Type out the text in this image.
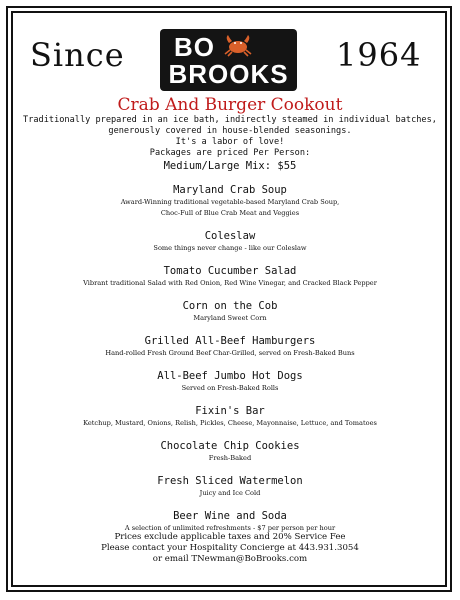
Since BO
BROOKS 1964
Crab And Burger Cookout
Traditionally prepared in an ice bath, indirectly steamed in individual batches,
generously covered in house-blended seasonings.
It's a labor of love!
Packages are priced Per Person:
Medium/Large Mix: $55
Maryland Crab Soup
Award-Winning traditional vegetable-based Maryland Crab Soup,
Choc-Full of Blue Crab Meat and Veggies
Coleslaw
Some things never change - like our Coleslaw
Tomato Cucumber Salad
Vibrant traditional Salad with Red Onion, Red Wine Vinegar, and Cracked Black Pepper
Corn on the Cob
Maryland Sweet Corn
Grilled All-Beef Hamburgers
Hand-rolled Fresh Ground Beef Char-Grilled, served on Fresh-Baked Buns
All-Beef Jumbo Hot Dogs
Served on Fresh-Baked Rolls
Fixin's Bar
Ketchup, Mustard, Onions, Relish, Pickles, Cheese, Mayonnaise, Lettuce, and Tomatoes
Chocolate Chip Cookies
Fresh-Baked
Fresh Sliced Watermelon
Juicy and Ice Cold
Beer Wine and Soda
A selection of unlimited refreshments - $7 per person per hour
Prices exclude applicable taxes and 20% Service Fee
Please contact your Hospitality Concierge at 443.931.3054
or email TNewman@BoBrooks.com
